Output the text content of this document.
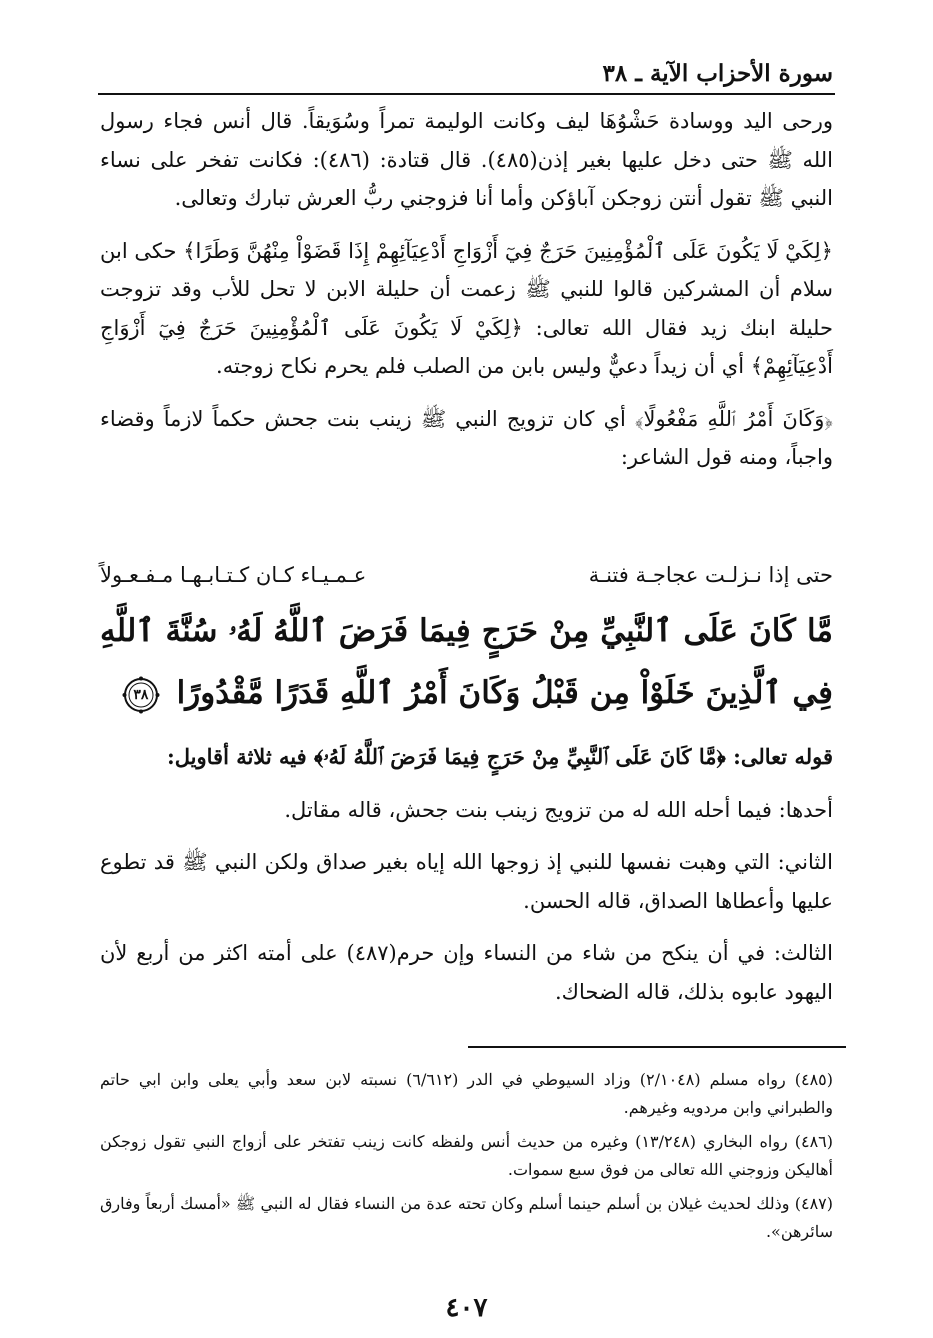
سورة الأحزاب الآية ـ ٣٨

ورحى اليد ووسادة حَشْوُهَا ليف وكانت الوليمة تمراً وسُوَيقاً. قال أنس فجاء رسول الله ﷺ حتى دخل عليها بغير إذن(٤٨٥). قال قتادة: (٤٨٦): فكانت تفخر على نساء النبي ﷺ تقول أنتن زوجكن آباؤكن وأما أنا فزوجني ربُّ العرش تبارك وتعالى.

﴿لِكَيْ لَا يَكُونَ عَلَى ٱلْمُؤْمِنِينَ حَرَجٌ فِيٓ أَزْوَاجِ أَدْعِيَآئِهِمْ إِذَا قَضَوْاْ مِنْهُنَّ وَطَرًا﴾ حكى ابن سلام أن المشركين قالوا للنبي ﷺ زعمت أن حليلة الابن لا تحل للأب وقد تزوجت حليلة ابنك زيد فقال الله تعالى: ﴿لِكَيْ لَا يَكُونَ عَلَى ٱلْمُؤْمِنِينَ حَرَجٌ فِيٓ أَزْوَاجِ أَدْعِيَآئِهِمْ﴾ أي أن زيداً دعيٌّ وليس بابن من الصلب فلم يحرم نكاح زوجته.

﴿وَكَانَ أَمْرُ ٱللَّهِ مَفْعُولًا﴾ أي كان تزويج النبي ﷺ زينب بنت جحش حكماً لازماً وقضاء واجباً، ومنه قول الشاعر:

حتى إذا نـزلـت عجاجـة فتنـة
عـمـيـاء كـان كـتـابـهـا مـفـعـولاً
مَّا كَانَ عَلَى ٱلنَّبِيِّ مِنْ حَرَجٍ فِيمَا فَرَضَ ٱللَّهُ لَهُۥ سُنَّةَ ٱللَّهِ فِي ٱلَّذِينَ خَلَوْاْ مِن قَبْلُ وَكَانَ أَمْرُ ٱللَّهِ قَدَرًا مَّقْدُورًا
٣٨

قوله تعالى: ﴿مَّا كَانَ عَلَى ٱلنَّبِيِّ مِنْ حَرَجٍ فِيمَا فَرَضَ ٱللَّهُ لَهُۥ﴾ فيه ثلاثة أقاويل:

أحدها: فيما أحله الله له من تزويج زينب بنت جحش، قاله مقاتل.

الثاني: التي وهبت نفسها للنبي إذ زوجها الله إياه بغير صداق ولكن النبي ﷺ قد تطوع عليها وأعطاها الصداق، قاله الحسن.

الثالث: في أن ينكح من شاء من النساء وإن حرم(٤٨٧) على أمته اكثر من أربع لأن اليهود عابوه بذلك، قاله الضحاك.

(٤٨٥) رواه مسلم (٢/١٠٤٨) وزاد السيوطي في الدر (٦/٦١٢) نسبته لابن سعد وأبي يعلى وابن ابي حاتم والطبراني وابن مردويه وغيرهم.

(٤٨٦) رواه البخاري (١٣/٢٤٨) وغيره من حديث أنس ولفظه كانت زينب تفتخر على أزواج النبي تقول زوجكن أهاليكن وزوجني الله تعالى من فوق سبع سموات.

(٤٨٧) وذلك لحديث غيلان بن أسلم حينما أسلم وكان تحته عدة من النساء فقال له النبي ﷺ «أمسك أربعاً وفارق سائرهن».

٤٠٧
